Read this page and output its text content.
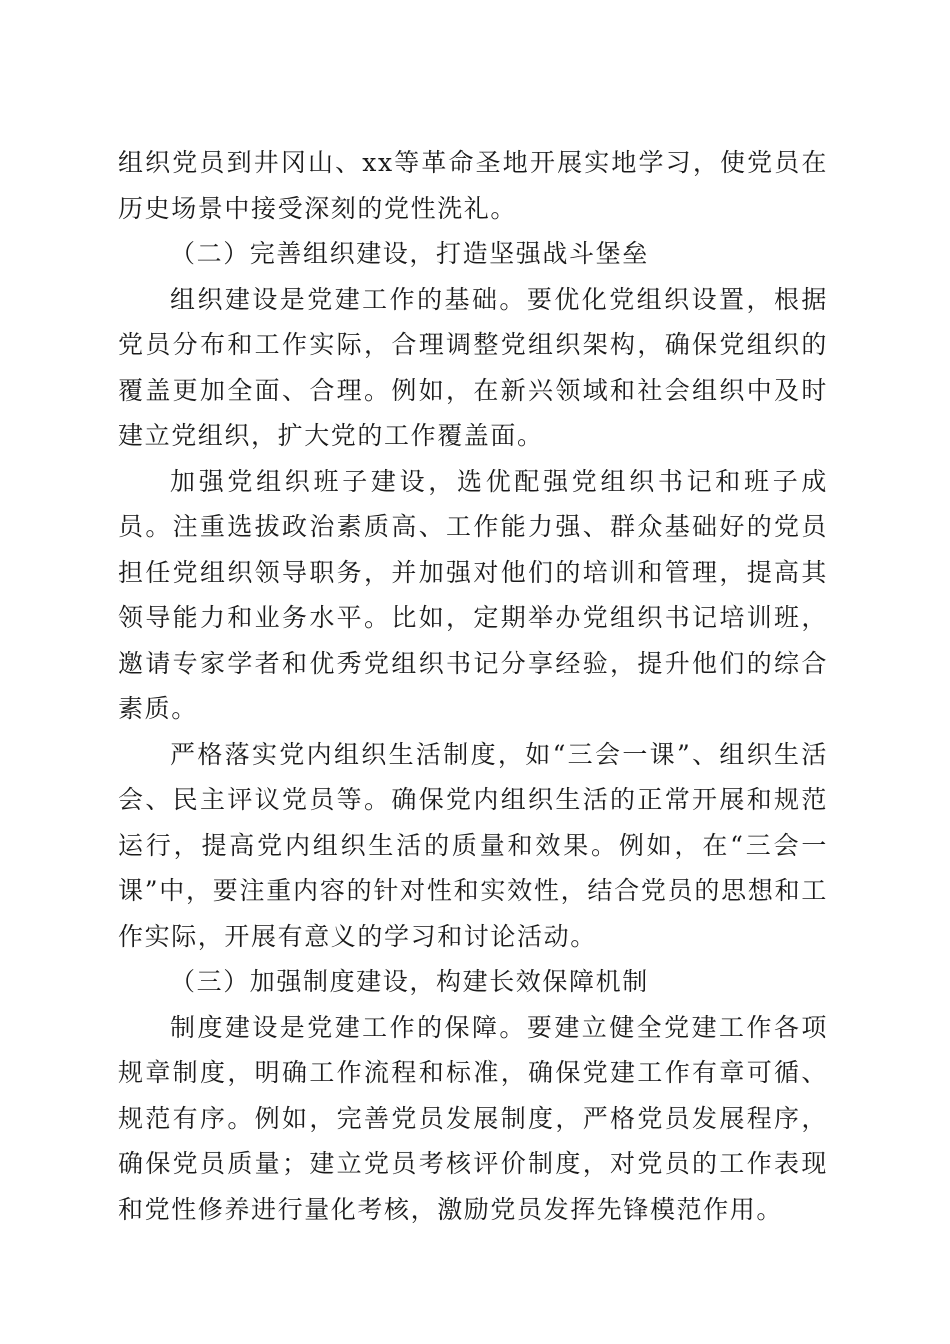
组织党员到井冈山、xx等革命圣地开展实地学习，使党员在历史场景中接受深刻的党性洗礼。

（二）完善组织建设，打造坚强战斗堡垒

组织建设是党建工作的基础。要优化党组织设置，根据党员分布和工作实际，合理调整党组织架构，确保党组织的覆盖更加全面、合理。例如，在新兴领域和社会组织中及时建立党组织，扩大党的工作覆盖面。

加强党组织班子建设，选优配强党组织书记和班子成员。注重选拔政治素质高、工作能力强、群众基础好的党员担任党组织领导职务，并加强对他们的培训和管理，提高其领导能力和业务水平。比如，定期举办党组织书记培训班，邀请专家学者和优秀党组织书记分享经验，提升他们的综合素质。

严格落实党内组织生活制度，如“三会一课”、组织生活会、民主评议党员等。确保党内组织生活的正常开展和规范运行，提高党内组织生活的质量和效果。例如，在“三会一课”中，要注重内容的针对性和实效性，结合党员的思想和工作实际，开展有意义的学习和讨论活动。

（三）加强制度建设，构建长效保障机制

制度建设是党建工作的保障。要建立健全党建工作各项规章制度，明确工作流程和标准，确保党建工作有章可循、规范有序。例如，完善党员发展制度，严格党员发展程序，确保党员质量；建立党员考核评价制度，对党员的工作表现和党性修养进行量化考核，激励党员发挥先锋模范作用。
